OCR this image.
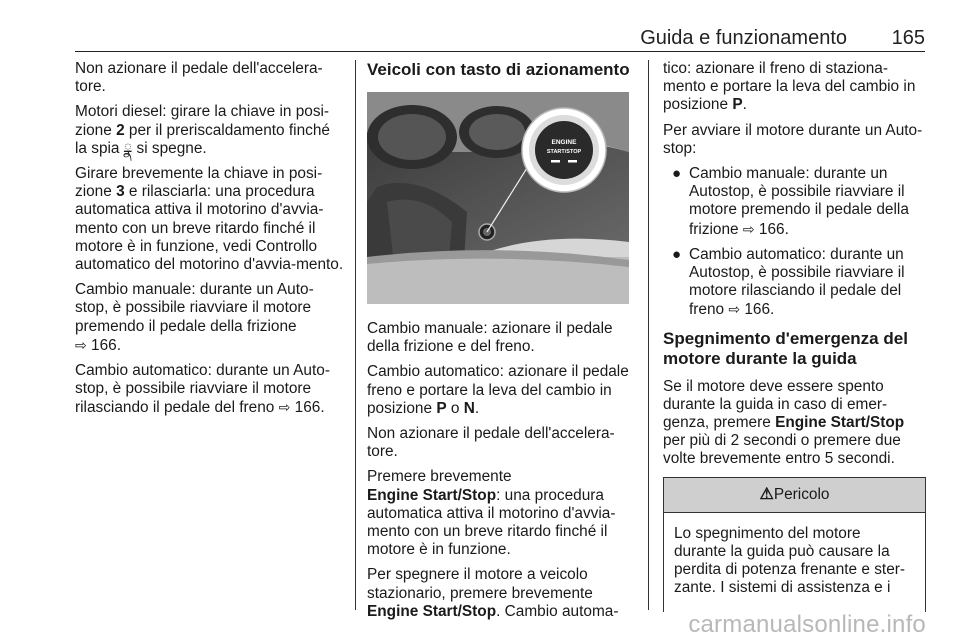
Guida e funzionamento 165

Non azionare il pedale dell'accelera-tore.

Motori diesel: girare la chiave in posi-zione 2 per il preriscaldamento finché la spia ྣ si spegne.

Girare brevemente la chiave in posi-zione 3 e rilasciarla: una procedura automatica attiva il motorino d'avvia-mento con un breve ritardo finché il motore è in funzione, vedi Controllo automatico del motorino d'avvia-mento.

Cambio manuale: durante un Auto-stop, è possibile riavviare il motore premendo il pedale della frizione
⇨ 166.

Cambio automatico: durante un Auto-stop, è possibile riavviare il motore rilasciando il pedale del freno ⇨ 166.

Veicoli con tasto di azionamento
ENGINE
START/STOP

Cambio manuale: azionare il pedale della frizione e del freno.

Cambio automatico: azionare il pedale freno e portare la leva del cambio in posizione P o N.

Non azionare il pedale dell'accelera-tore.

Premere brevemente
Engine Start/Stop: una procedura automatica attiva il motorino d'avvia-mento con un breve ritardo finché il motore è in funzione.

Per spegnere il motore a veicolo stazionario, premere brevemente Engine Start/Stop. Cambio automa-

tico: azionare il freno di staziona-mento e portare la leva del cambio in posizione P.

Per avviare il motore durante un Auto-stop:

● Cambio manuale: durante un Autostop, è possibile riavviare il motore premendo il pedale della frizione ⇨ 166.
● Cambio automatico: durante un Autostop, è possibile riavviare il motore rilasciando il pedale del freno ⇨ 166.
Spegnimento d'emergenza del motore durante la guida

Se il motore deve essere spento durante la guida in caso di emer-genza, premere Engine Start/Stop per più di 2 secondi o premere due volte brevemente entro 5 secondi.

⚠Pericolo
Lo spegnimento del motore durante la guida può causare la perdita di potenza frenante e ster-zante. I sistemi di assistenza e i
carmanualsonline.info
